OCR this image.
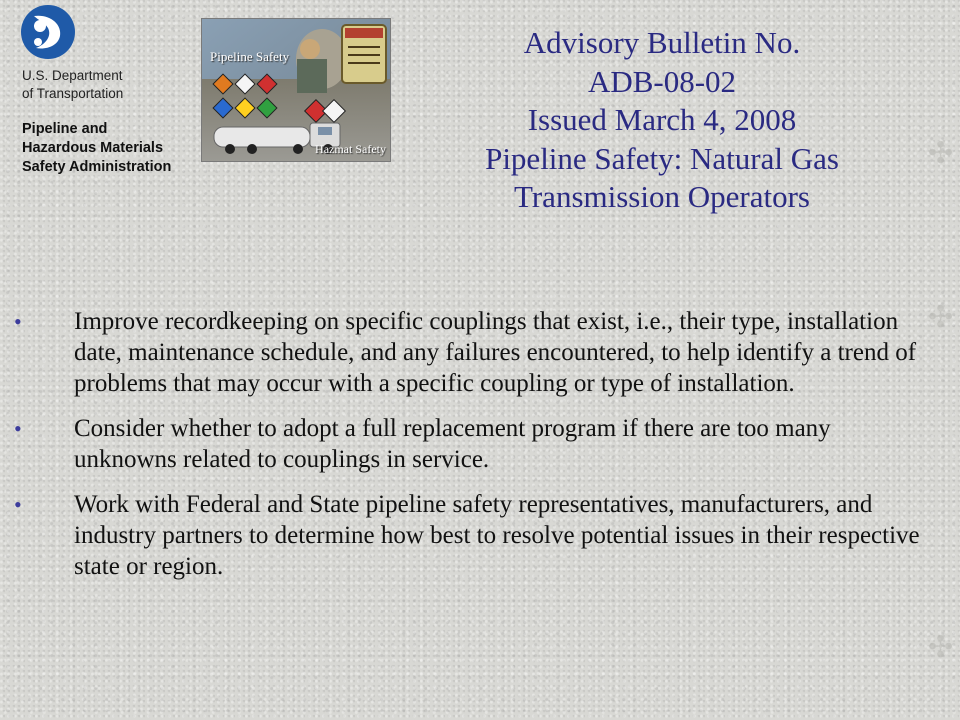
U.S. Department
of Transportation
Pipeline and
Hazardous Materials
Safety Administration
Pipeline Safety
Hazmat Safety
Advisory Bulletin No.
ADB-08-02
Issued March 4, 2008
Pipeline Safety: Natural Gas
Transmission Operators
• Improve recordkeeping on specific couplings that exist, i.e., their type, installation date, maintenance schedule, and any failures encountered, to help identify a trend of problems that may occur with a specific coupling or type of installation.
• Consider whether to adopt a full replacement program if there are too many unknowns related to couplings in service.
• Work with Federal and State pipeline safety representatives, manufacturers, and industry partners to determine how best to resolve potential issues in their respective state or region.
✣
✣
✣
